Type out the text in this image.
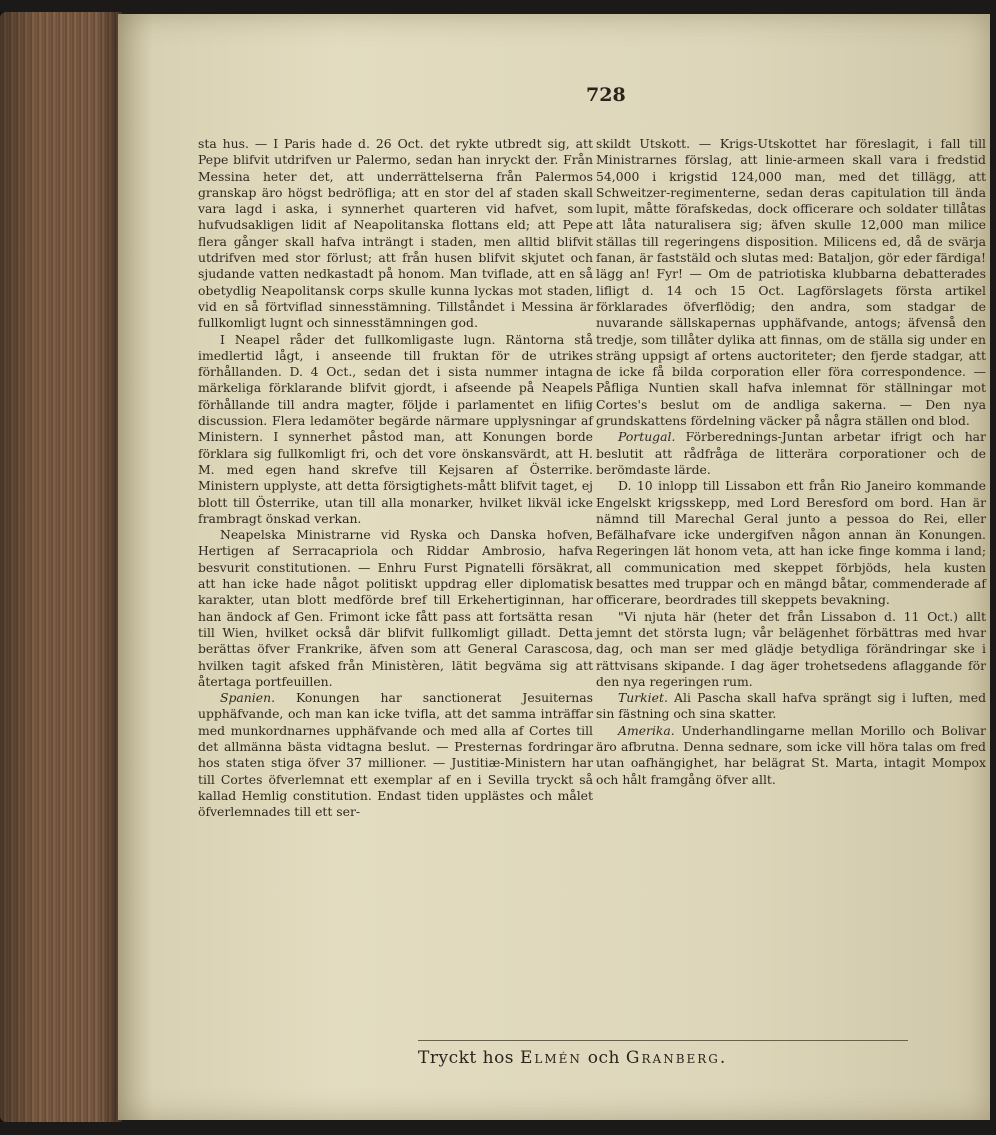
728

sta hus. — I Paris hade d. 26 Oct. det rykte utbredt sig, att Pepe blifvit utdrifven ur Palermo, sedan han inryckt der. Från Messina heter det, att underrättelserna från Palermos granskap äro högst bedröfliga; att en stor del af staden skall vara lagd i aska, i synnerhet quarteren vid hafvet, som hufvudsakligen lidit af Neapolitanska flottans eld; att Pepe flera gånger skall hafva inträngt i staden, men alltid blifvit utdrifven med stor förlust; att från husen blifvit skjutet och sjudande vatten nedkastadt på honom. Man tviflade, att en så obetydlig Neapolitansk corps skulle kunna lyckas mot staden, vid en så förtviflad sinnesstämning. Tillståndet i Messina är fullkomligt lugnt och sinnesstämningen god.

I Neapel råder det fullkomligaste lugn. Räntorna stå imedlertid lågt, i anseende till fruktan för de utrikes förhållanden. D. 4 Oct., sedan det i sista nummer intagna märkeliga förklarande blifvit gjordt, i afseende på Neapels förhållande till andra magter, följde i parlamentet en lifiig discussion. Flera ledamöter begärde närmare upplysningar af Ministern. I synnerhet påstod man, att Konungen borde förklara sig fullkomligt fri, och det vore önskansvärdt, att H. M. med egen hand skrefve till Kejsaren af Österrike. Ministern upplyste, att detta försigtighets-mått blifvit taget, ej blott till Österrike, utan till alla monarker, hvilket likväl icke frambragt önskad verkan.

Neapelska Ministrarne vid Ryska och Danska hofven, Hertigen af Serracapriola och Riddar Ambrosio, hafva besvurit constitutionen. — Enhru Furst Pignatelli försäkrat, att han icke hade något politiskt uppdrag eller diplomatisk karakter, utan blott medförde bref till Erkehertiginnan, har han ändock af Gen. Frimont icke fått pass att fortsätta resan till Wien, hvilket också där blifvit fullkomligt gilladt. Detta berättas öfver Frankrike, äfven som att General Carascosa, hvilken tagit afsked från Ministèren, lätit begväma sig att återtaga portfeuillen.

Spanien. Konungen har sanctionerat Jesuiternas upphäfvande, och man kan icke tvifla, att det samma inträffar med munkordnarnes upphäfvande och med alla af Cortes till det allmänna bästa vidtagna beslut. — Presternas fordringar hos staten stiga öfver 37 millioner. — Justitiæ-Ministern har till Cortes öfverlemnat ett exemplar af en i Sevilla tryckt så kallad Hemlig constitution. Endast tiden upplästes och målet öfverlemnades till ett ser-

skildt Utskott. — Krigs-Utskottet har föreslagit, i fall till Ministrarnes förslag, att linie-armeen skall vara i fredstid 54,000 i krigstid 124,000 man, med det tillägg, att Schweitzer-regimenterne, sedan deras capitulation till ända lupit, måtte förafskedas, dock officerare och soldater tillåtas att låta naturalisera sig; äfven skulle 12,000 man milice ställas till regeringens disposition. Milicens ed, då de svärja fanan, är faststäld och slutas med: Bataljon, gör eder färdiga! lägg an! Fyr! — Om de patriotiska klubbarna debatterades lifligt d. 14 och 15 Oct. Lagförslagets första artikel förklarades öfverflödig; den andra, som stadgar de nuvarande sällskapernas upphäfvande, antogs; äfvenså den tredje, som tillåter dylika att finnas, om de ställa sig under en sträng uppsigt af ortens auctoriteter; den fjerde stadgar, att de icke få bilda corporation eller föra correspondence. — Påfliga Nuntien skall hafva inlemnat för ställningar mot Cortes's beslut om de andliga sakerna. — Den nya grundskattens fördelning väcker på några ställen ond blod.

Portugal. Förberednings-Juntan arbetar ifrigt och har beslutit att rådfråga de litterära corporationer och de berömdaste lärde.

D. 10 inlopp till Lissabon ett från Rio Janeiro kommande Engelskt krigsskepp, med Lord Beresford om bord. Han är nämnd till Marechal Geral junto a pessoa do Rei, eller Befälhafvare icke undergifven någon annan än Konungen. Regeringen lät honom veta, att han icke finge komma i land; all communication med skeppet förbjöds, hela kusten besattes med truppar och en mängd båtar, commenderade af officerare, beordrades till skeppets bevakning.

"Vi njuta här (heter det från Lissabon d. 11 Oct.) allt jemnt det största lugn; vår belägenhet förbättras med hvar dag, och man ser med glädje betydliga förändringar ske i rättvisans skipande. I dag äger trohetsedens aflaggande för den nya regeringen rum.

Turkiet. Ali Pascha skall hafva sprängt sig i luften, med sin fästning och sina skatter.

Amerika. Underhandlingarne mellan Morillo och Bolivar äro afbrutna. Denna sednare, som icke vill höra talas om fred utan oafhängighet, har belägrat St. Marta, intagit Mompox och hålt framgång öfver allt.

Tryckt hos Elmén och Granberg.
